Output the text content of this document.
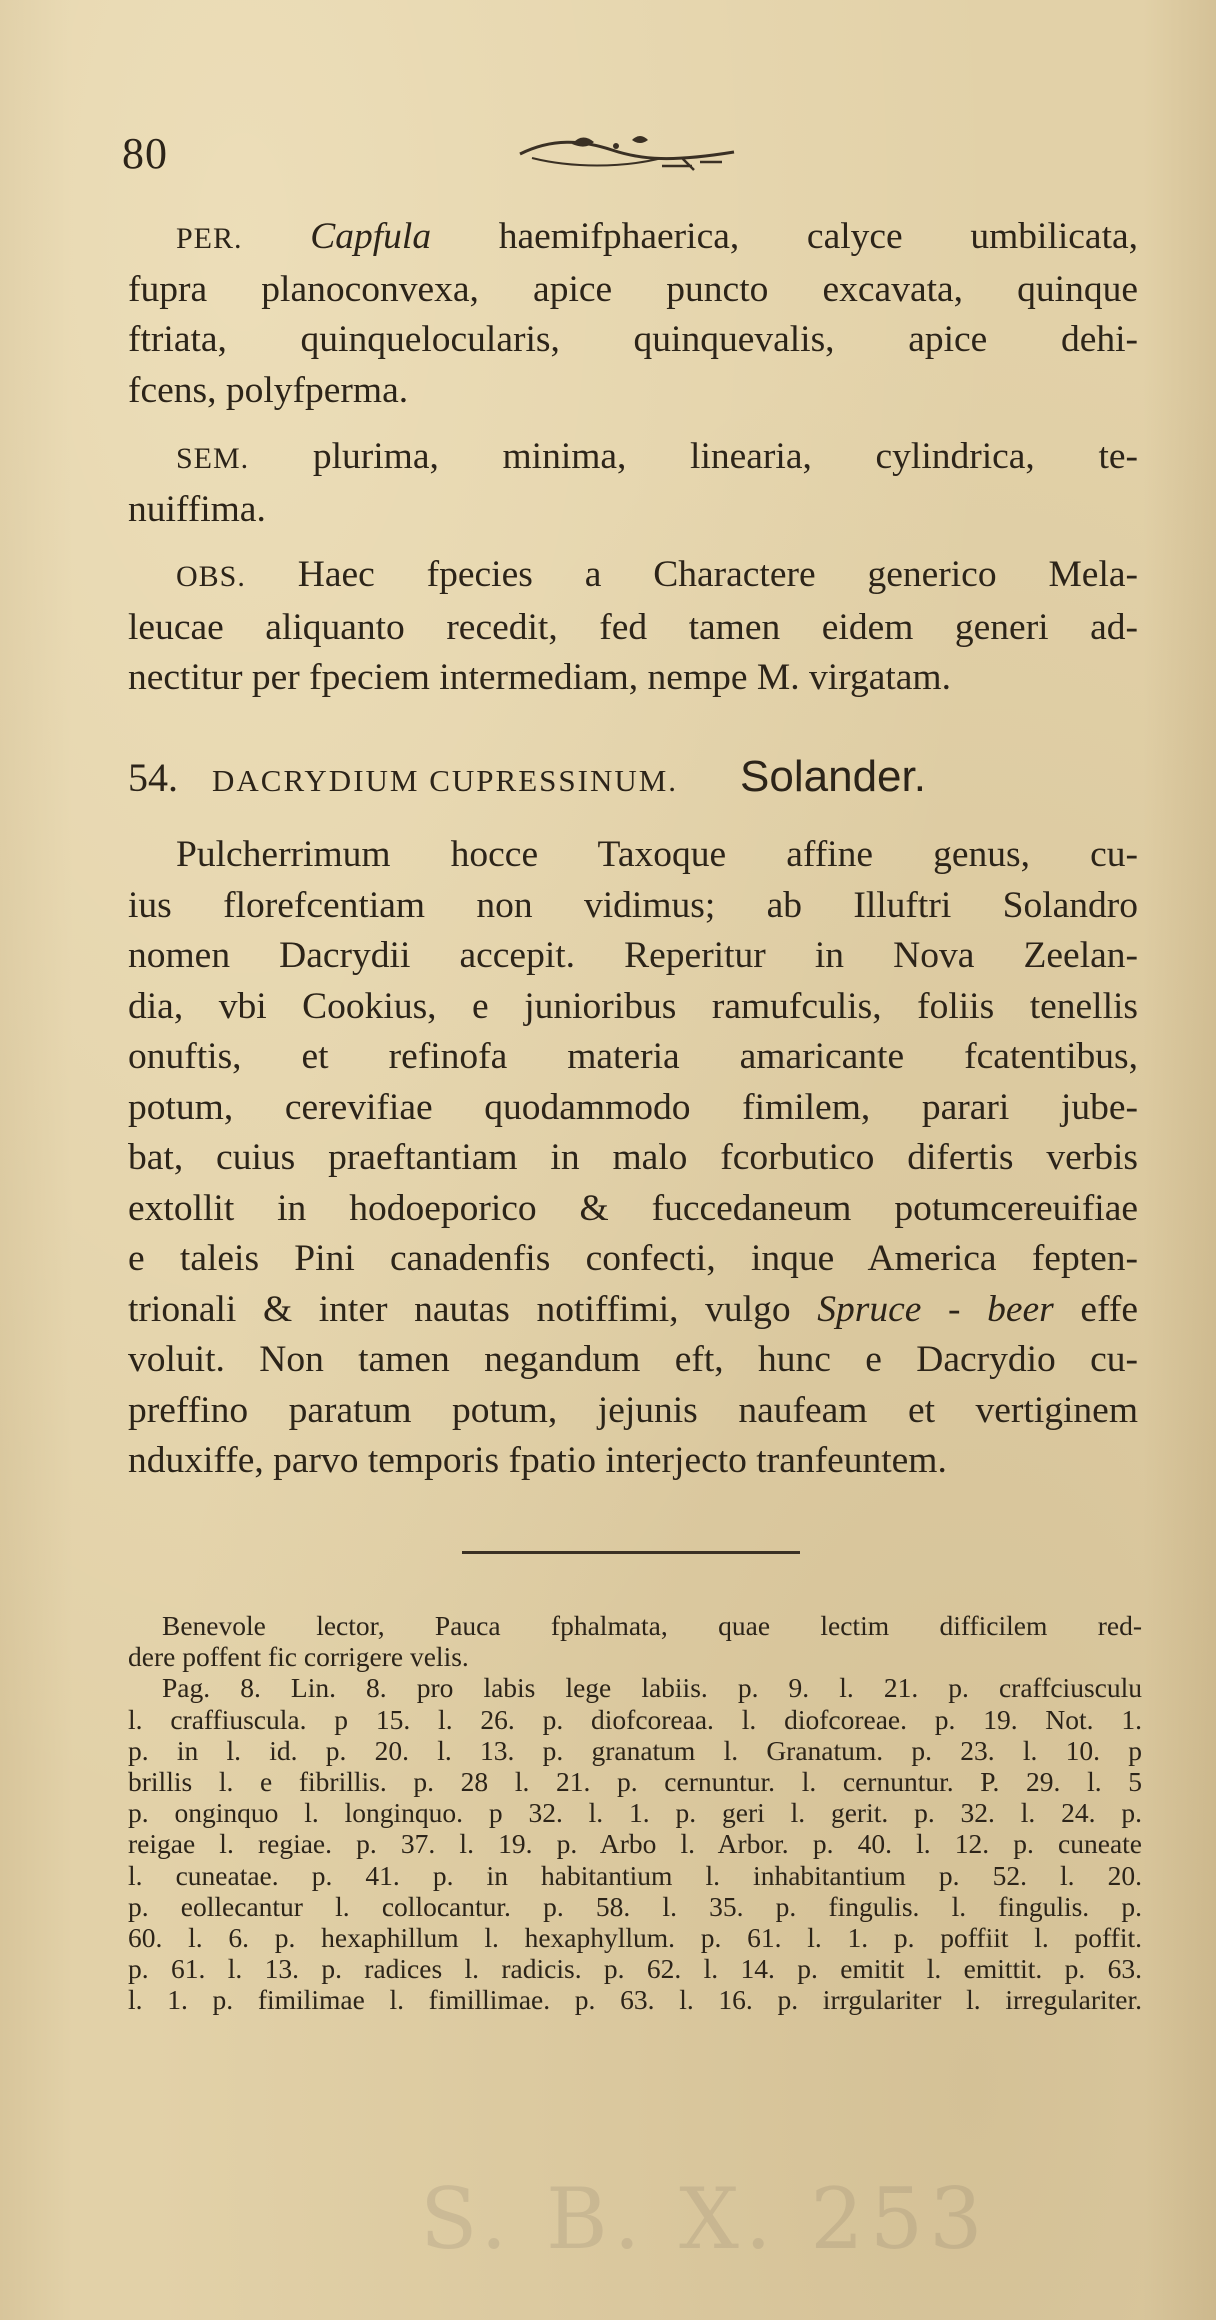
80

PER. Capfula haemifphaerica, calyce umbilicata,

fupra planoconvexa, apice puncto excavata, quinque

ftriata, quinquelocularis, quinquevalis, apice dehi-

fcens, polyfperma.

SEM. plurima, minima, linearia, cylindrica, te-

nuiffima.

OBS. Haec fpecies a Charactere generico Mela-

leucae aliquanto recedit, fed tamen eidem generi ad-

nectitur per fpeciem intermediam, nempe M. virgatam.

54. DACRYDIUM CUPRESSINUM. Solander.

Pulcherrimum hocce Taxoque affine genus, cu-

ius florefcentiam non vidimus; ab Illuftri Solandro

nomen Dacrydii accepit. Reperitur in Nova Zeelan-

dia, vbi Cookius, e junioribus ramufculis, foliis tenellis

onuftis, et refinofa materia amaricante fcatentibus,

potum, cerevifiae quodammodo fimilem, parari jube-

bat, cuius praeftantiam in malo fcorbutico difertis verbis

extollit in hodoeporico & fuccedaneum potumcereuifiae

e taleis Pini canadenfis confecti, inque America fepten-

trionali & inter nautas notiffimi, vulgo Spruce - beer effe

voluit. Non tamen negandum eft, hunc e Dacrydio cu-

preffino paratum potum, jejunis naufeam et vertiginem

nduxiffe, parvo temporis fpatio interjecto tranfeuntem.

Benevole lector, Pauca fphalmata, quae lectim difficilem red-

dere poffent fic corrigere velis.

Pag. 8. Lin. 8. pro labis lege labiis. p. 9. l. 21. p. craffciusculu

l. craffiuscula. p 15. l. 26. p. diofcoreaa. l. diofcoreae. p. 19. Not. 1.

p. in l. id. p. 20. l. 13. p. granatum l. Granatum. p. 23. l. 10. p

brillis l. e fibrillis. p. 28 l. 21. p. cernuntur. l. cernuntur. P. 29. l. 5

p. onginquo l. longinquo. p 32. l. 1. p. geri l. gerit. p. 32. l. 24. p.

reigae l. regiae. p. 37. l. 19. p. Arbo l. Arbor. p. 40. l. 12. p. cuneate

l. cuneatae. p. 41. p. in habitantium l. inhabitantium p. 52. l. 20.

p. eollecantur l. collocantur. p. 58. l. 35. p. fingulis. l. fingulis. p.

60. l. 6. p. hexaphillum l. hexaphyllum. p. 61. l. 1. p. poffiit l. poffit.

p. 61. l. 13. p. radices l. radicis. p. 62. l. 14. p. emitit l. emittit. p. 63.

l. 1. p. fimilimae l. fimillimae. p. 63. l. 16. p. irrgulariter l. irregulariter.

S. B. X. 253
